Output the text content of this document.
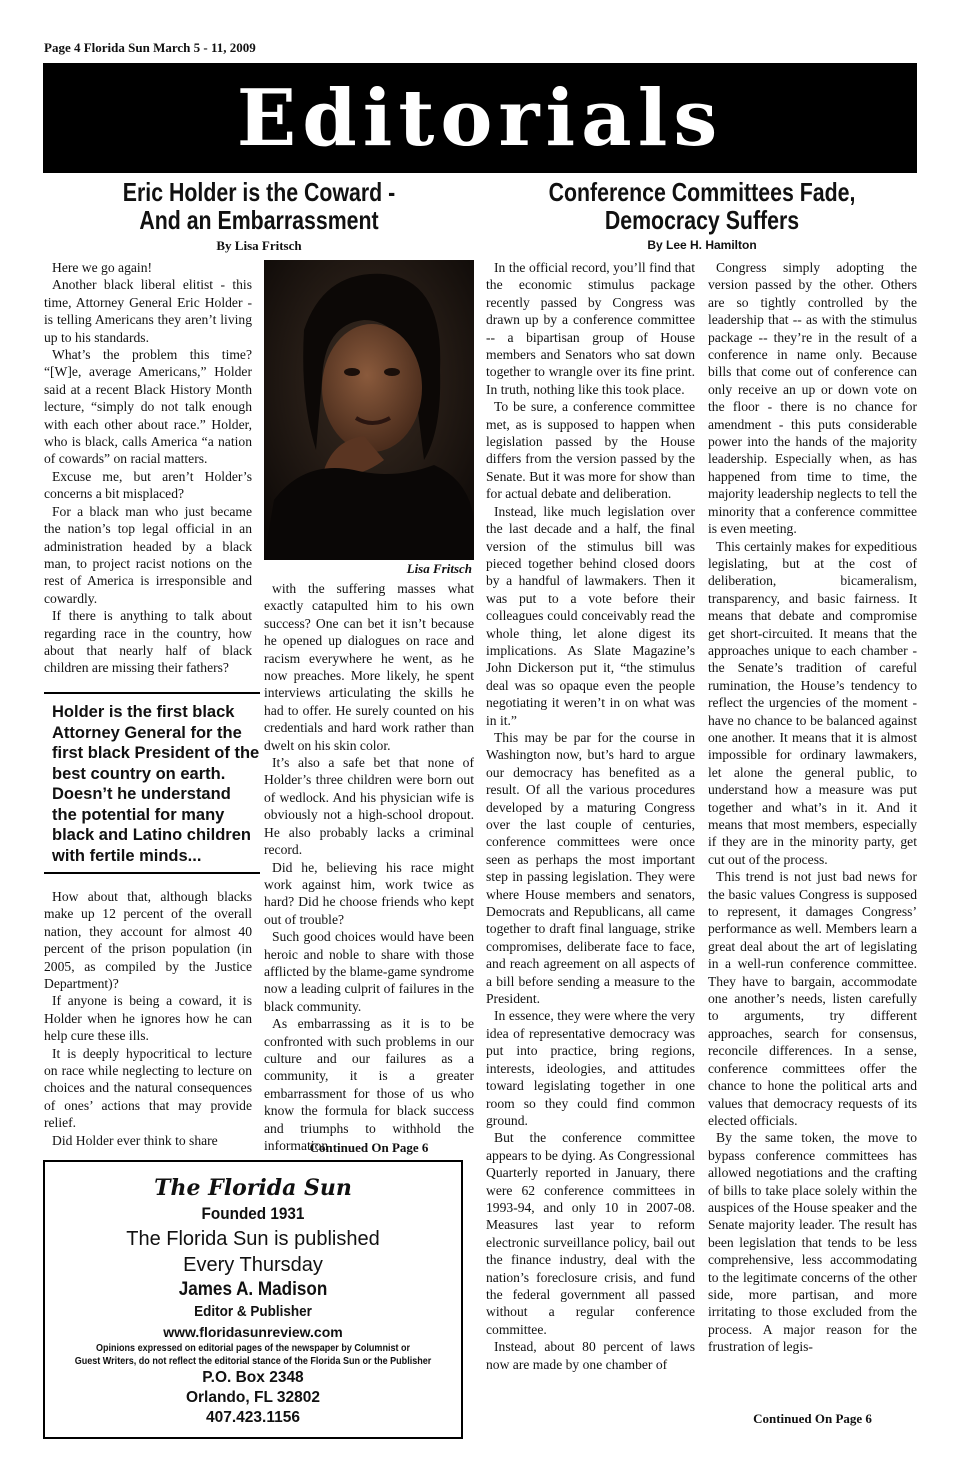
Page 4 Florida Sun March 5 - 11, 2009
Editorials
Eric Holder is the Coward -
And an Embarrassment
By Lisa Fritsch

Here we go again!

Another black liberal elitist - this time, Attorney General Eric Holder - is telling Americans they aren’t living up to his standards.

What’s the problem this time? “[W]e, average Americans,” Holder said at a recent Black History Month lecture, “simply do not talk enough with each other about race.” Holder, who is black, calls America “a nation of cowards” on racial matters.

Excuse me, but aren’t Holder’s concerns a bit misplaced?

For a black man who just became the nation’s top legal official in an administration headed by a black man, to project racist notions on the rest of America is irresponsible and cowardly.

If there is anything to talk about regarding race in the country, how about that nearly half of black children are missing their fathers?

Lisa Fritsch
Holder is the first black Attorney General for the first black President of the best country on earth. Doesn’t he understand the potential for many black and Latino children with fertile minds...

How about that, although blacks make up 12 percent of the overall nation, they account for almost 40 percent of the prison population (in 2005, as compiled by the Justice Department)?

If anyone is being a coward, it is Holder when he ignores how he can help cure these ills.

It is deeply hypocritical to lecture on race while neglecting to lecture on choices and the natural consequences of ones’ actions that may provide relief.

Did Holder ever think to share

with the suffering masses what exactly catapulted him to his own success? One can bet it isn’t because he opened up dialogues on race and racism everywhere he went, as he now preaches. More likely, he spent interviews articulating the skills he had to offer. He surely counted on his credentials and hard work rather than dwelt on his skin color.

It’s also a safe bet that none of Holder’s three children were born out of wedlock. And his physician wife is obviously not a high-school dropout. He also probably lacks a criminal record.

Did he, believing his race might work against him, work twice as hard? Did he choose friends who kept out of trouble?

Such good choices would have been heroic and noble to share with those afflicted by the blame-game syndrome now a leading culprit of failures in the black community.

As embarrassing as it is to be confronted with such problems in our culture and our failures as a community, it is a greater embarrassment for those of us who know the formula for black success and triumphs to withhold the information

Continued On Page 6
The Florida Sun
Founded 1931
The Florida Sun is published
Every Thursday
James A. Madison
Editor & Publisher
www.floridasunreview.com
Opinions expressed on editorial pages of the newspaper by Columnist or
Guest Writers, do not reflect the editorial stance of the Florida Sun or the Publisher
P.O. Box 2348
Orlando, FL 32802
407.423.1156
Conference Committees Fade,
Democracy Suffers
By Lee H. Hamilton

In the official record, you’ll find that the economic stimulus package recently passed by Congress was drawn up by a conference committee -- a bipartisan group of House members and Senators who sat down together to wrangle over its fine print. In truth, nothing like this took place.

To be sure, a conference committee met, as is supposed to happen when legislation passed by the House differs from the version passed by the Senate. But it was more for show than for actual debate and deliberation.

Instead, like much legislation over the last decade and a half, the final version of the stimulus bill was pieced together behind closed doors by a handful of lawmakers. Then it was put to a vote before their colleagues could conceivably read the whole thing, let alone digest its implications. As Slate Magazine’s John Dickerson put it, “the stimulus deal was so opaque even the people negotiating it weren’t in on what was in it.”

This may be par for the course in Washington now, but’s hard to argue our democracy has benefited as a result. Of all the various procedures developed by a maturing Congress over the last couple of centuries, conference committees were once seen as perhaps the most important step in passing legislation. They were where House members and senators, Democrats and Republicans, all came together to draft final language, strike compromises, deliberate face to face, and reach agreement on all aspects of a bill before sending a measure to the President.

In essence, they were where the very idea of representative democracy was put into practice, bring regions, interests, ideologies, and attitudes toward legislating together in one room so they could find common ground.

But the conference committee appears to be dying. As Congressional Quarterly reported in January, there were 62 conference committees in 1993-94, and only 10 in 2007-08. Measures last year to reform electronic surveillance policy, bail out the finance industry, deal with the nation’s foreclosure crisis, and fund the federal government all passed without a regular conference committee.

Instead, about 80 percent of laws now are made by one chamber of

Congress simply adopting the version passed by the other. Others are so tightly controlled by the leadership that -- as with the stimulus package -- they’re in the result of a conference in name only. Because bills that come out of conference can only receive an up or down vote on the floor - there is no chance for amendment - this puts considerable power into the hands of the majority leadership. Especially when, as has happened from time to time, the majority leadership neglects to tell the minority that a conference committee is even meeting.

This certainly makes for expeditious legislating, but at the cost of deliberation, bicameralism, transparency, and basic fairness. It means that debate and compromise get short-circuited. It means that the approaches unique to each chamber - the Senate’s tradition of careful rumination, the House’s tendency to reflect the urgencies of the moment - have no chance to be balanced against one another. It means that it is almost impossible for ordinary lawmakers, let alone the general public, to understand how a measure was put together and what’s in it. And it means that most members, especially if they are in the minority party, get cut out of the process.

This trend is not just bad news for the basic values Congress is supposed to represent, it damages Congress’ performance as well. Members learn a great deal about the art of legislating in a well-run conference committee. They have to bargain, accommodate one another’s needs, listen carefully to arguments, try different approaches, search for consensus, reconcile differences. In a sense, conference committees offer the chance to hone the political arts and values that democracy requests of its elected officials.

By the same token, the move to bypass conference committees has allowed negotiations and the crafting of bills to take place solely within the auspices of the House speaker and the Senate majority leader. The result has been legislation that tends to be less comprehensive, less accommodating to the legitimate concerns of the other side, more partisan, and more irritating to those excluded from the process. A major reason for the frustration of legis-

Continued On Page 6
